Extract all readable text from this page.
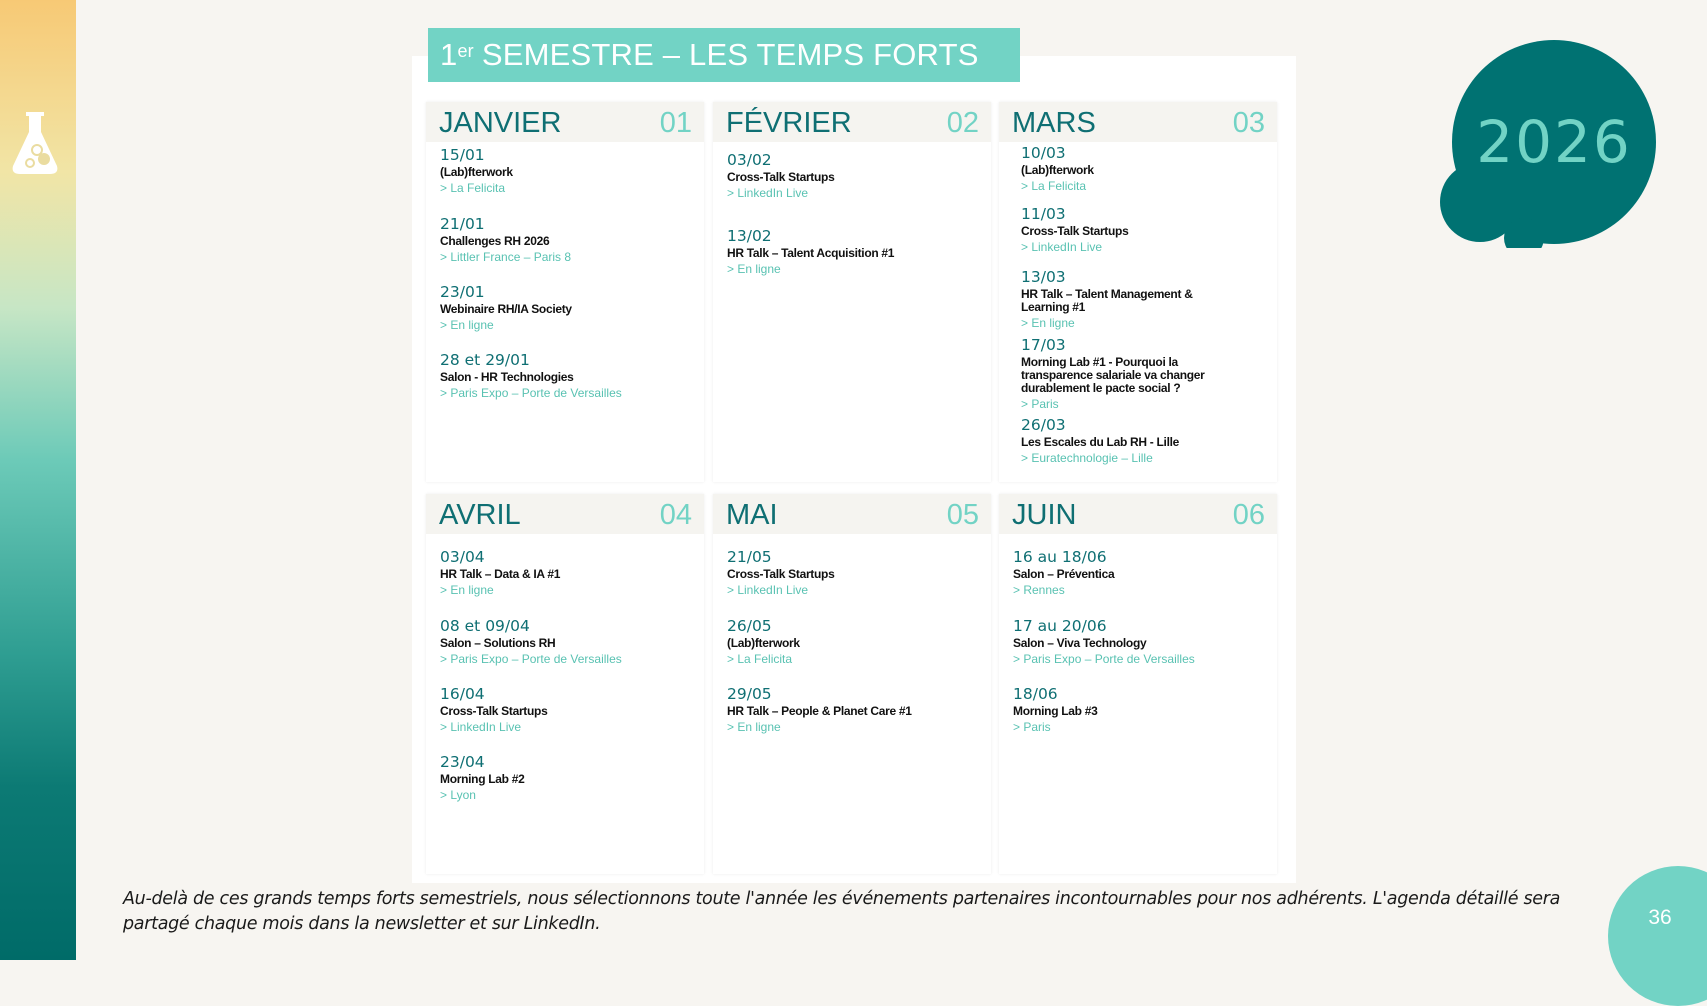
1er SEMESTRE – LES TEMPS FORTS
2026
JANVIER	01
15/01
(Lab)fterwork
> La Felicita
21/01
Challenges RH 2026
> Littler France – Paris 8
23/01
Webinaire RH/IA Society
> En ligne
28 et 29/01
Salon - HR Technologies
> Paris Expo – Porte de Versailles
FÉVRIER	02
03/02
Cross-Talk Startups
> LinkedIn Live
13/02
HR Talk – Talent Acquisition #1
> En ligne
MARS	03
10/03
(Lab)fterwork
> La Felicita
11/03
Cross-Talk Startups
> LinkedIn Live
13/03
HR Talk – Talent Management & Learning #1
> En ligne
17/03
Morning Lab #1 - Pourquoi la transparence salariale va changer durablement le pacte social ?
> Paris
26/03
Les Escales du Lab RH - Lille
> Euratechnologie – Lille
AVRIL	04
03/04
HR Talk – Data & IA #1
> En ligne
08 et 09/04
Salon – Solutions RH
> Paris Expo – Porte de Versailles
16/04
Cross-Talk Startups
> LinkedIn Live
23/04
Morning Lab #2
> Lyon
MAI	05
21/05
Cross-Talk Startups
> LinkedIn Live
26/05
(Lab)fterwork
> La Felicita
29/05
HR Talk – People & Planet Care #1
> En ligne
JUIN	06
16 au 18/06
Salon – Préventica
> Rennes
17 au 20/06
Salon – Viva Technology
> Paris Expo – Porte de Versailles
18/06
Morning Lab #3
> Paris
Au-delà de ces grands temps forts semestriels, nous sélectionnons toute l'année les événements partenaires incontournables pour nos adhérents. L'agenda détaillé sera partagé chaque mois dans la newsletter et sur LinkedIn.	36
